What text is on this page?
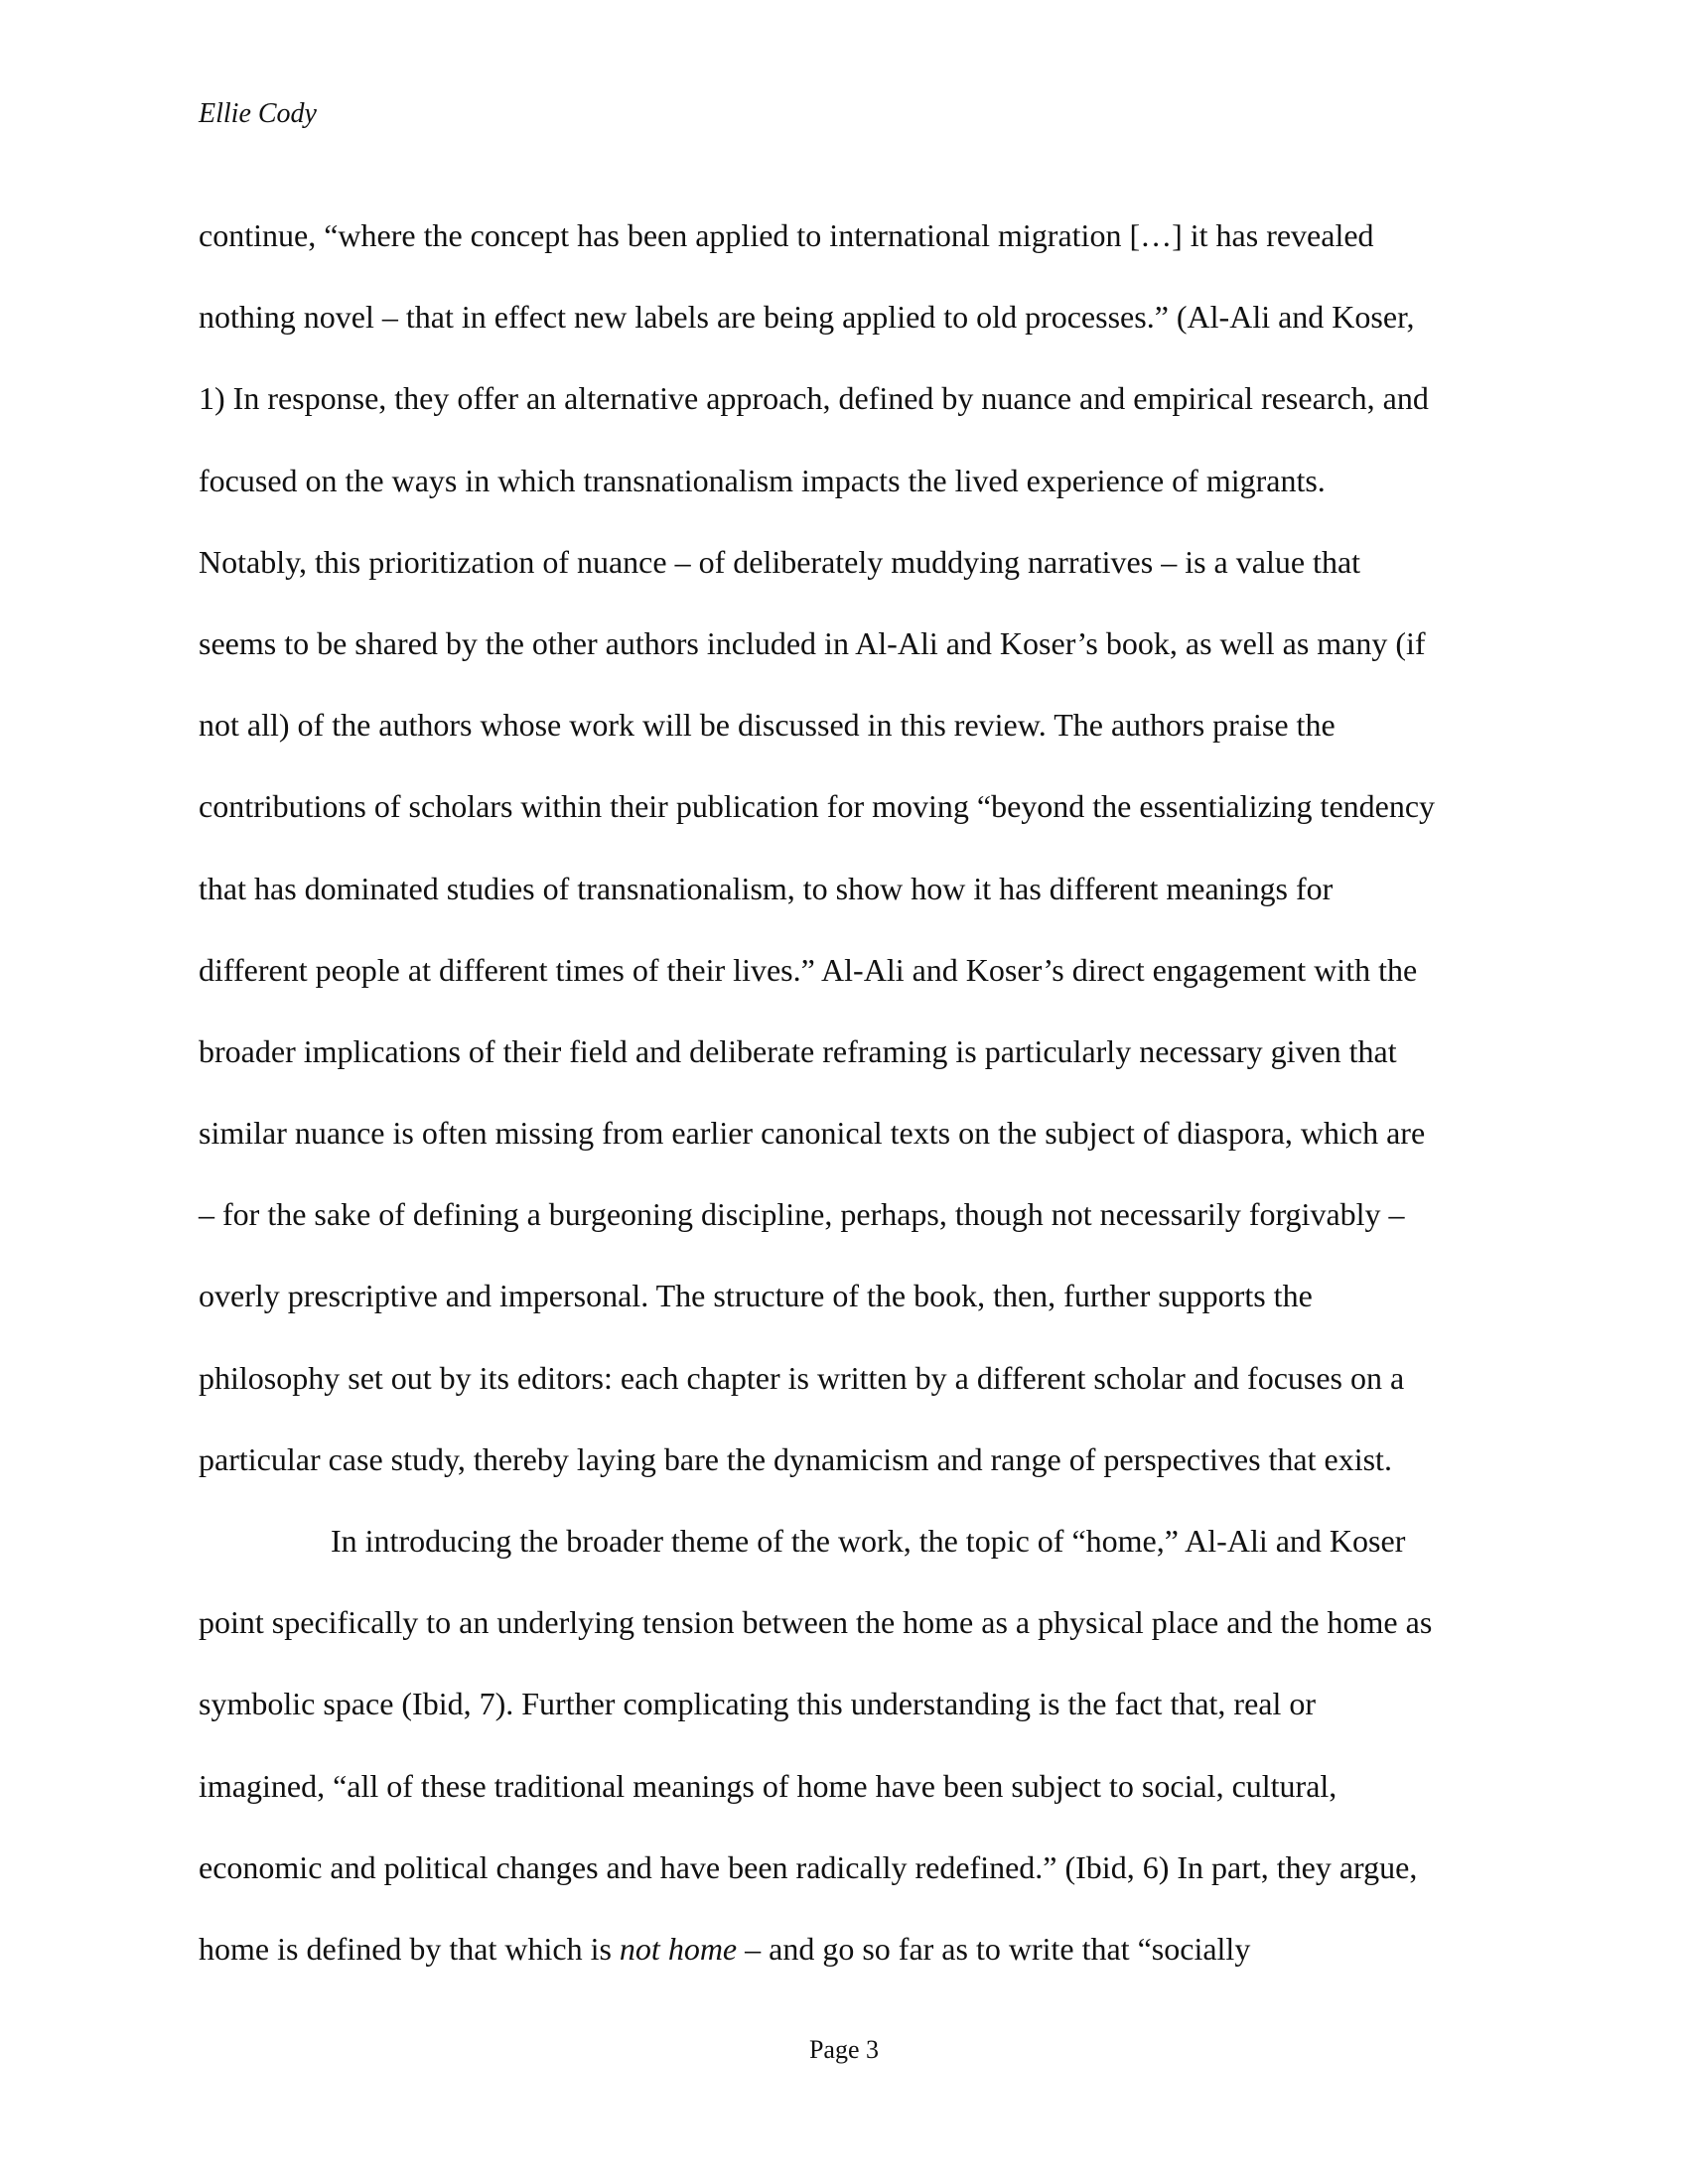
Ellie Cody
continue, “where the concept has been applied to international migration […] it has revealed
nothing novel – that in effect new labels are being applied to old processes.” (Al-Ali and Koser,
1) In response, they offer an alternative approach, defined by nuance and empirical research, and
focused on the ways in which transnationalism impacts the lived experience of migrants.
Notably, this prioritization of nuance – of deliberately muddying narratives – is a value that
seems to be shared by the other authors included in Al-Ali and Koser’s book, as well as many (if
not all) of the authors whose work will be discussed in this review. The authors praise the
contributions of scholars within their publication for moving “beyond the essentializing tendency
that has dominated studies of transnationalism, to show how it has different meanings for
different people at different times of their lives.” Al-Ali and Koser’s direct engagement with the
broader implications of their field and deliberate reframing is particularly necessary given that
similar nuance is often missing from earlier canonical texts on the subject of diaspora, which are
– for the sake of defining a burgeoning discipline, perhaps, though not necessarily forgivably –
overly prescriptive and impersonal. The structure of the book, then, further supports the
philosophy set out by its editors: each chapter is written by a different scholar and focuses on a
particular case study, thereby laying bare the dynamicism and range of perspectives that exist.
In introducing the broader theme of the work, the topic of “home,” Al-Ali and Koser
point specifically to an underlying tension between the home as a physical place and the home as
symbolic space (Ibid, 7). Further complicating this understanding is the fact that, real or
imagined, “all of these traditional meanings of home have been subject to social, cultural,
economic and political changes and have been radically redefined.” (Ibid, 6) In part, they argue,
home is defined by that which is not home – and go so far as to write that “socially
Page 3
